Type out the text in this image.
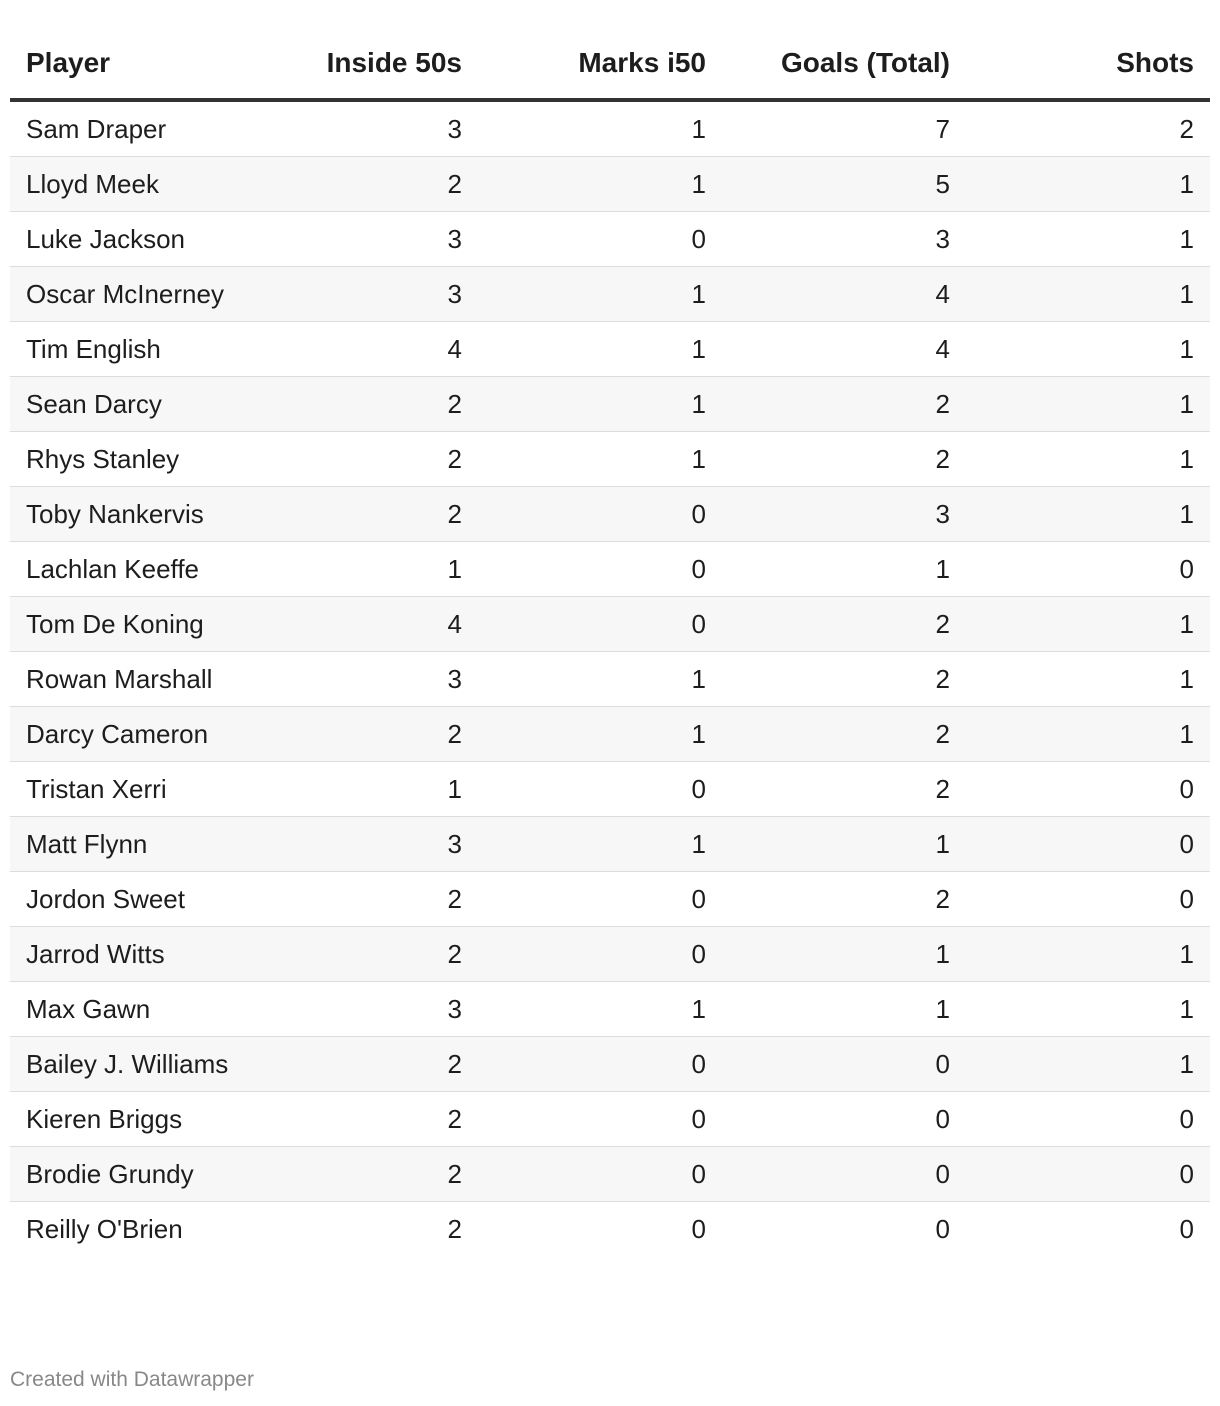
Player	Inside 50s	Marks i50	Goals (Total)	Shots
Sam Draper	3	1	7	2
Lloyd Meek	2	1	5	1
Luke Jackson	3	0	3	1
Oscar McInerney	3	1	4	1
Tim English	4	1	4	1
Sean Darcy	2	1	2	1
Rhys Stanley	2	1	2	1
Toby Nankervis	2	0	3	1
Lachlan Keeffe	1	0	1	0
Tom De Koning	4	0	2	1
Rowan Marshall	3	1	2	1
Darcy Cameron	2	1	2	1
Tristan Xerri	1	0	2	0
Matt Flynn	3	1	1	0
Jordon Sweet	2	0	2	0
Jarrod Witts	2	0	1	1
Max Gawn	3	1	1	1
Bailey J. Williams	2	0	0	1
Kieren Briggs	2	0	0	0
Brodie Grundy	2	0	0	0
Reilly O'Brien	2	0	0	0
Created with Datawrapper
